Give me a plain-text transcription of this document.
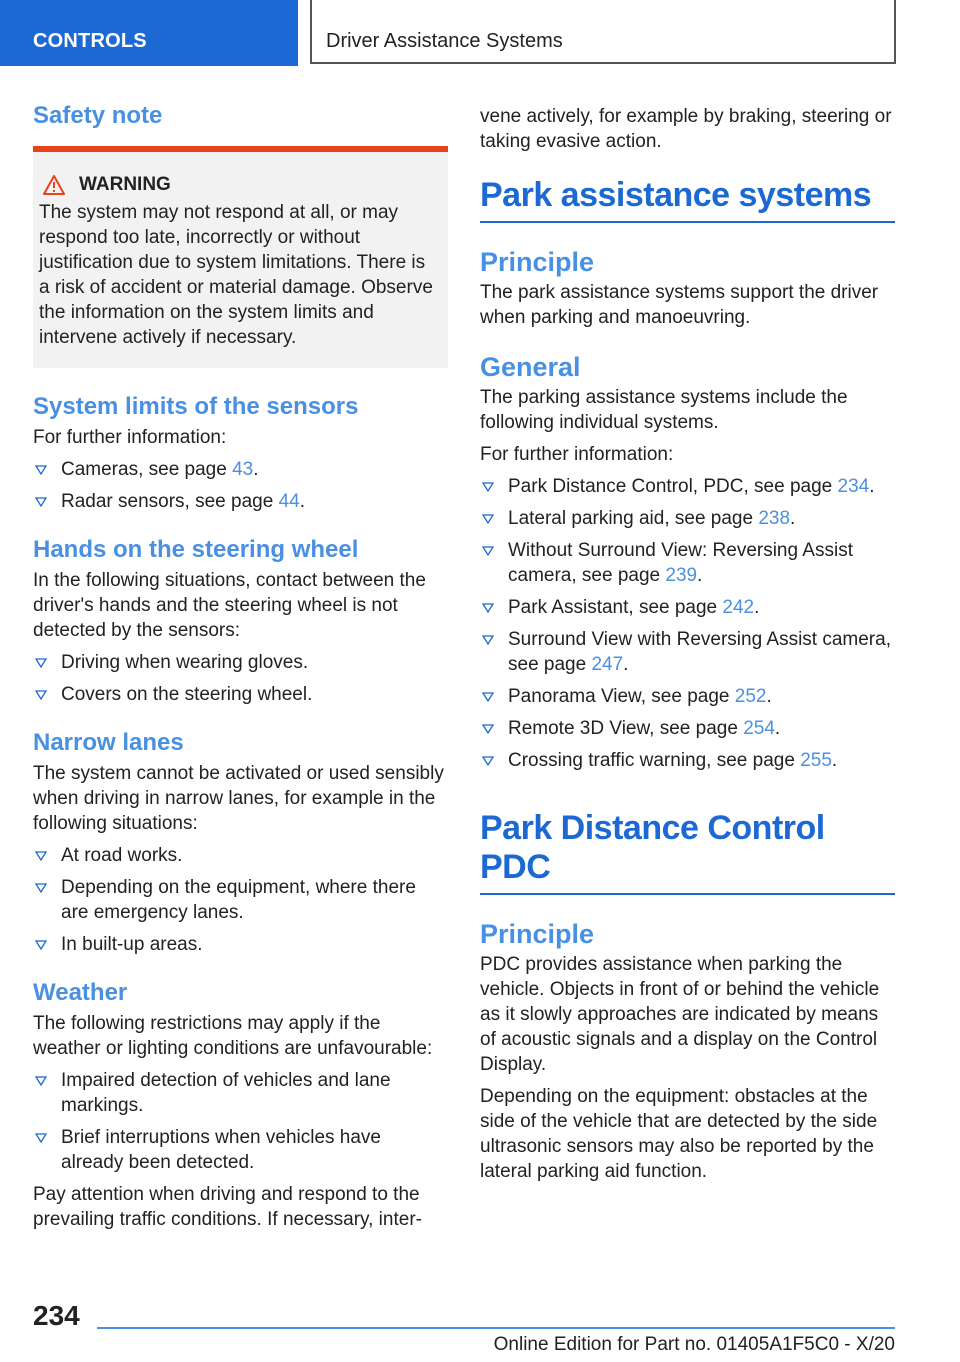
CONTROLS	Driver Assistance Systems
Safety note
WARNING

The system may not respond at all, or may respond too late, incorrectly or without justification due to system limitations. There is a risk of accident or material damage. Observe the information on the system limits and intervene actively if necessary.

System limits of the sensors

For further information:

Cameras, see page 43.
Radar sensors, see page 44.
Hands on the steering wheel

In the following situations, contact between the driver's hands and the steering wheel is not detected by the sensors:

Driving when wearing gloves.
Covers on the steering wheel.
Narrow lanes

The system cannot be activated or used sensibly when driving in narrow lanes, for example in the following situations:

At road works.
Depending on the equipment, where there are emergency lanes.
In built-up areas.
Weather

The following restrictions may apply if the weather or lighting conditions are unfavourable:

Impaired detection of vehicles and lane markings.
Brief interruptions when vehicles have already been detected.

Pay attention when driving and respond to the prevailing traffic conditions. If necessary, inter-

vene actively, for example by braking, steering or taking evasive action.

Park assistance systems
Principle

The park assistance systems support the driver when parking and manoeuvring.

General

The parking assistance systems include the following individual systems.

For further information:

Park Distance Control, PDC, see page 234.
Lateral parking aid, see page 238.
Without Surround View: Reversing Assist camera, see page 239.
Park Assistant, see page 242.
Surround View with Reversing Assist camera, see page 247.
Panorama View, see page 252.
Remote 3D View, see page 254.
Crossing traffic warning, see page 255.
Park Distance Control PDC
Principle

PDC provides assistance when parking the vehicle. Objects in front of or behind the vehicle as it slowly approaches are indicated by means of acoustic signals and a display on the Control Display.

Depending on the equipment: obstacles at the side of the vehicle that are detected by the side ultrasonic sensors may also be reported by the lateral parking aid function.

234
Online Edition for Part no. 01405A1F5C0 - X/20
